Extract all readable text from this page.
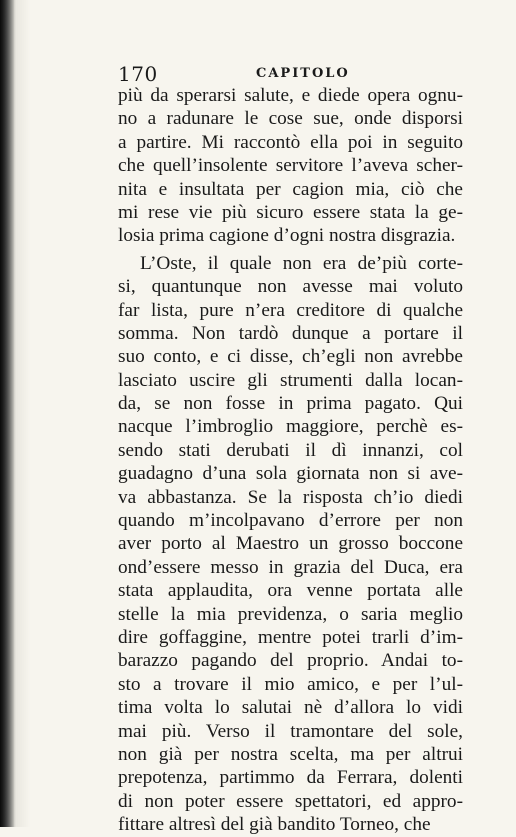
170	CAPITOLO
più da sperarsi salute, e diede opera ognu-
no a radunare le cose sue, onde disporsi
a partire. Mi raccontò ella poi in seguito
che quell’insolente servitore l’aveva scher-
nita e insultata per cagion mia, ciò che
mi rese vie più sicuro essere stata la ge-
losia prima cagione d’ogni nostra disgrazia.
L’Oste, il quale non era de’più corte-
si, quantunque non avesse mai voluto
far lista, pure n’era creditore di qualche
somma. Non tardò dunque a portare il
suo conto, e ci disse, ch’egli non avrebbe
lasciato uscire gli strumenti dalla locan-
da, se non fosse in prima pagato. Qui
nacque l’imbroglio maggiore, perchè es-
sendo stati derubati il dì innanzi, col
guadagno d’una sola giornata non si ave-
va abbastanza. Se la risposta ch’io diedi
quando m’incolpavano d’errore per non
aver porto al Maestro un grosso boccone
ond’essere messo in grazia del Duca, era
stata applaudita, ora venne portata alle
stelle la mia previdenza, o saria meglio
dire goffaggine, mentre potei trarli d’im-
barazzo pagando del proprio. Andai to-
sto a trovare il mio amico, e per l’ul-
tima volta lo salutai nè d’allora lo vidi
mai più. Verso il tramontare del sole,
non già per nostra scelta, ma per altrui
prepotenza, partimmo da Ferrara, dolenti
di non poter essere spettatori, ed appro-
fittare altresì del già bandito Torneo, che
